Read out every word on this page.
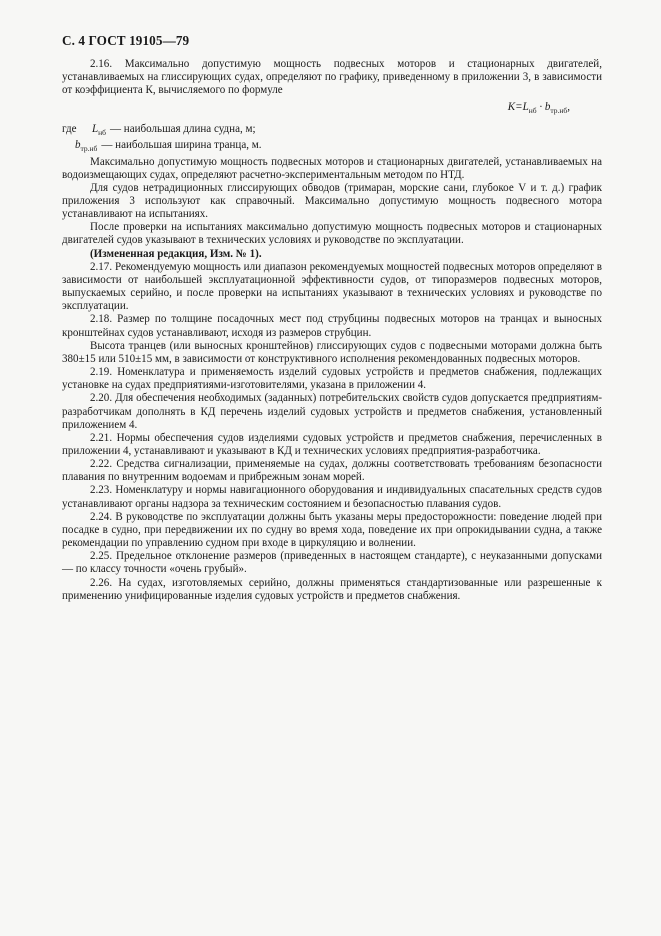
С. 4 ГОСТ 19105—79

2.16. Максимально допустимую мощность подвесных моторов и стационарных двигателей, устанавливаемых на глиссирующих судах, определяют по графику, приведенному в приложении 3, в зависимости от коэффициента К, вычисляемого по формуле

$K=L_{нб} \cdot b_{тр.нб}$,
где	$L_{нб}$ — наибольшая длина судна, м;
$b_{тр.нб}$ — наибольшая ширина транца, м.

Максимально допустимую мощность подвесных моторов и стационарных двигателей, устанавливаемых на водоизмещающих судах, определяют расчетно-экспериментальным методом по НТД.

Для судов нетрадиционных глиссирующих обводов (тримаран, морские сани, глубокое V и т. д.) график приложения 3 используют как справочный. Максимально допустимую мощность подвесного мотора устанавливают на испытаниях.

После проверки на испытаниях максимально допустимую мощность подвесных моторов и стационарных двигателей судов указывают в технических условиях и руководстве по эксплуатации.

(Измененная редакция, Изм. № 1).

2.17. Рекомендуемую мощность или диапазон рекомендуемых мощностей подвесных моторов определяют в зависимости от наибольшей эксплуатационной эффективности судов, от типоразмеров подвесных моторов, выпускаемых серийно, и после проверки на испытаниях указывают в технических условиях и руководстве по эксплуатации.

2.18. Размер по толщине посадочных мест под струбцины подвесных моторов на транцах и выносных кронштейнах судов устанавливают, исходя из размеров струбцин.

Высота транцев (или выносных кронштейнов) глиссирующих судов с подвесными моторами должна быть 380±15 или 510±15 мм, в зависимости от конструктивного исполнения рекомендованных подвесных моторов.

2.19. Номенклатура и применяемость изделий судовых устройств и предметов снабжения, подлежащих установке на судах предприятиями-изготовителями, указана в приложении 4.

2.20. Для обеспечения необходимых (заданных) потребительских свойств судов допускается предприятиям-разработчикам дополнять в КД перечень изделий судовых устройств и предметов снабжения, установленный приложением 4.

2.21. Нормы обеспечения судов изделиями судовых устройств и предметов снабжения, перечисленных в приложении 4, устанавливают и указывают в КД и технических условиях предприятия-разработчика.

2.22. Средства сигнализации, применяемые на судах, должны соответствовать требованиям безопасности плавания по внутренним водоемам и прибрежным зонам морей.

2.23. Номенклатуру и нормы навигационного оборудования и индивидуальных спасательных средств судов устанавливают органы надзора за техническим состоянием и безопасностью плавания судов.

2.24. В руководстве по эксплуатации должны быть указаны меры предосторожности: поведение людей при посадке в судно, при передвижении их по судну во время хода, поведение их при опрокидывании судна, а также рекомендации по управлению судном при входе в циркуляцию и волнении.

2.25. Предельное отклонение размеров (приведенных в настоящем стандарте), с неуказанными допусками — по классу точности «очень грубый».

2.26. На судах, изготовляемых серийно, должны применяться стандартизованные или разрешенные к применению унифицированные изделия судовых устройств и предметов снабжения.
